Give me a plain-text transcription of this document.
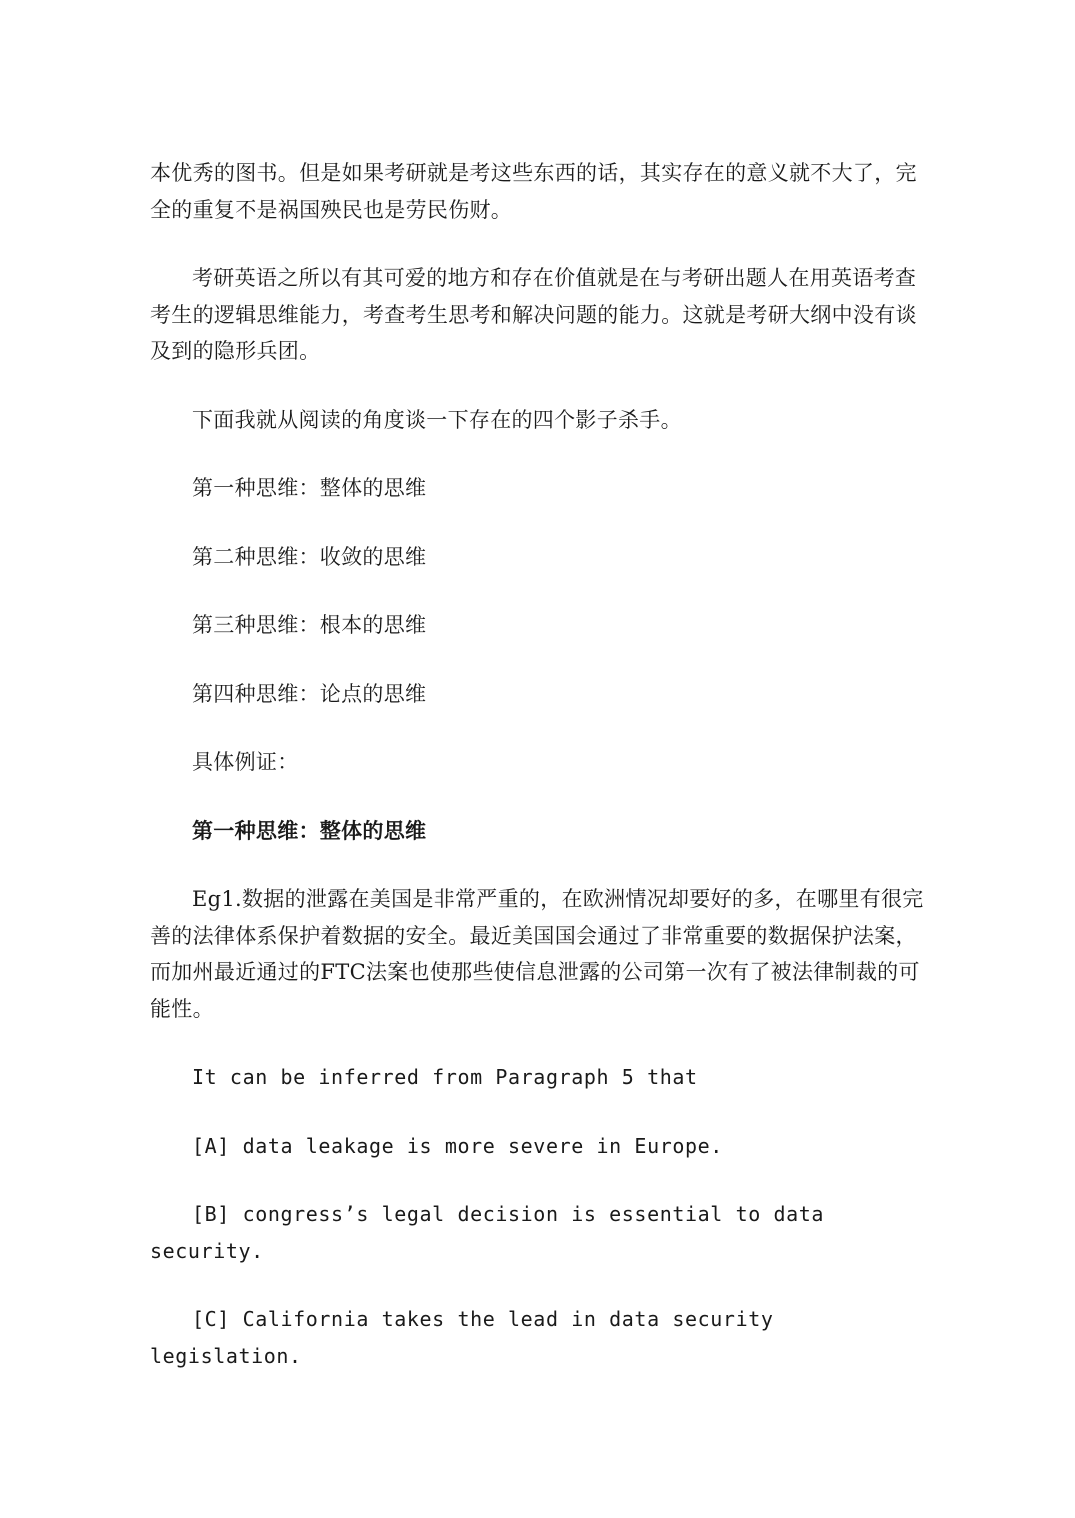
本优秀的图书。但是如果考研就是考这些东西的话，其实存在的意义就不大了，完全的重复不是祸国殃民也是劳民伤财。

考研英语之所以有其可爱的地方和存在价值就是在与考研出题人在用英语考查考生的逻辑思维能力，考查考生思考和解决问题的能力。这就是考研大纲中没有谈及到的隐形兵团。

下面我就从阅读的角度谈一下存在的四个影子杀手。

第一种思维：整体的思维

第二种思维：收敛的思维

第三种思维：根本的思维

第四种思维：论点的思维

具体例证：

第一种思维：整体的思维

Eg1.数据的泄露在美国是非常严重的，在欧洲情况却要好的多，在哪里有很完善的法律体系保护着数据的安全。最近美国国会通过了非常重要的数据保护法案，而加州最近通过的FTC法案也使那些使信息泄露的公司第一次有了被法律制裁的可能性。

It can be inferred from Paragraph 5 that

[A] data leakage is more severe in Europe.

[B] congress’s legal decision is essential to data security.

[C] California takes the lead in data security legislation.
